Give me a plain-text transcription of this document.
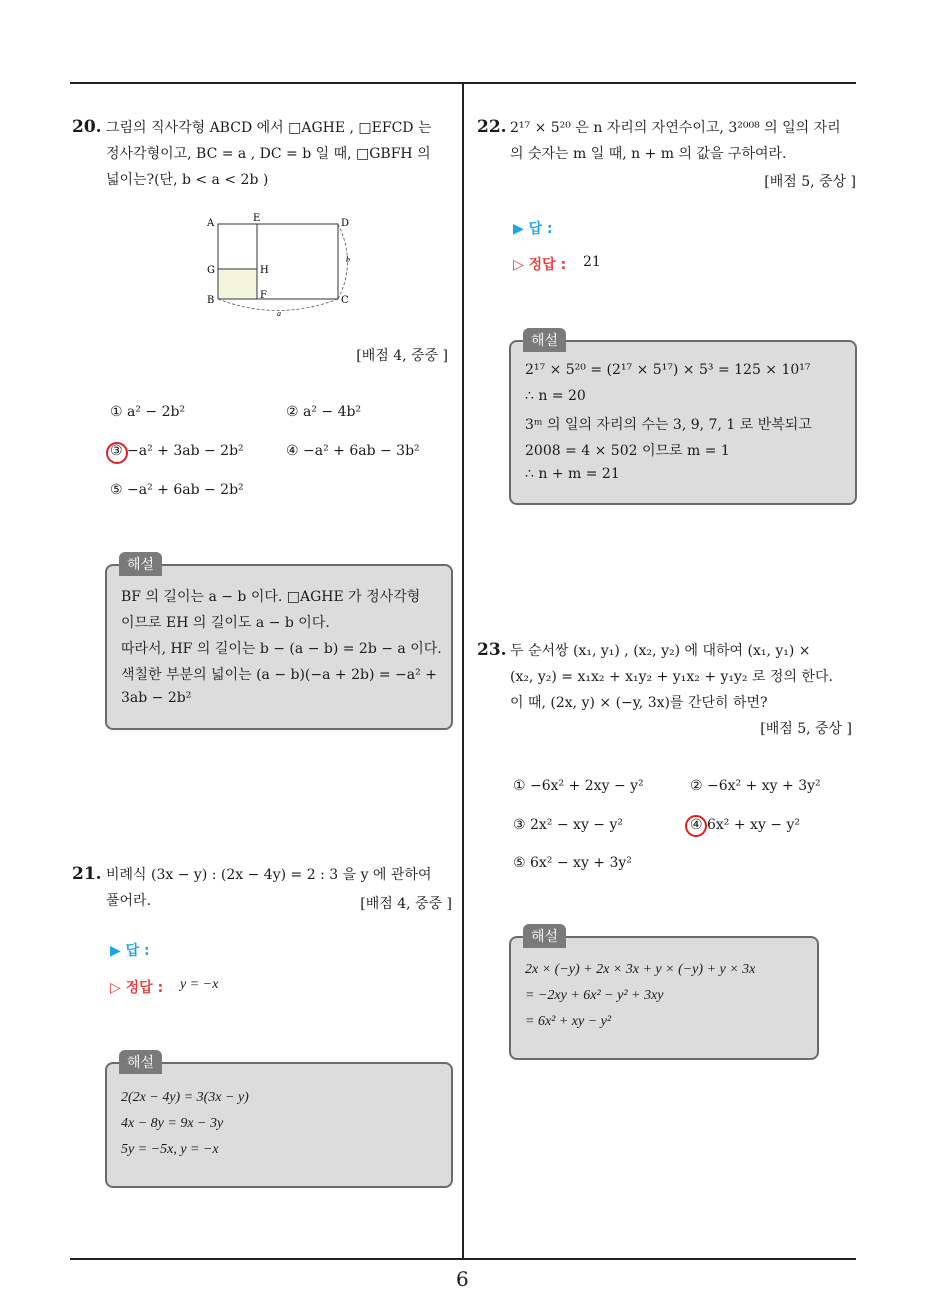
20. 그림의 직사각형 ABCD 에서 □AGHE , □EFCD 는
정사각형이고, BC = a , DC = b 일 때, □GBFH 의
넓이는?(단, b < a < 2b )
A	E	D
G	H
B	F	C
a
b
[배점 4, 중중 ]
① a² − 2b²	② a² − 4b²
③ −a² + 3ab − 2b²	④ −a² + 6ab − 3b²
⑤ −a² + 6ab − 2b²
해설
BF 의 길이는 a − b 이다. □AGHE 가 정사각형
이므로 EH 의 길이도 a − b 이다.
따라서, HF 의 길이는 b − (a − b) = 2b − a 이다.
색칠한 부분의 넓이는 (a − b)(−a + 2b) = −a² +
3ab − 2b²
21. 비례식 (3x − y) : (2x − 4y) = 2 : 3 을 y 에 관하여
풀어라.	[배점 4, 중중 ]
▶ 답 :
▷ 정답 : y = −x
해설
2(2x − 4y) = 3(3x − y)
4x − 8y = 9x − 3y
5y = −5x, y = −x
22. 2¹⁷ × 5²⁰ 은 n 자리의 자연수이고, 3²⁰⁰⁸ 의 일의 자리
의 숫자는 m 일 때, n + m 의 값을 구하여라.
[배점 5, 중상 ]
▶ 답 :
▷ 정답 : 21
해설
2¹⁷ × 5²⁰ = (2¹⁷ × 5¹⁷) × 5³ = 125 × 10¹⁷
∴ n = 20
3ᵐ 의 일의 자리의 수는 3, 9, 7, 1 로 반복되고
2008 = 4 × 502 이므로 m = 1
∴ n + m = 21
23. 두 순서쌍 (x₁, y₁) , (x₂, y₂) 에 대하여 (x₁, y₁) ×
(x₂, y₂) = x₁x₂ + x₁y₂ + y₁x₂ + y₁y₂ 로 정의 한다.
이 때, (2x, y) × (−y, 3x)를 간단히 하면?
[배점 5, 중상 ]
① −6x² + 2xy − y²	② −6x² + xy + 3y²
③ 2x² − xy − y²	④ 6x² + xy − y²
⑤ 6x² − xy + 3y²
해설
2x × (−y) + 2x × 3x + y × (−y) + y × 3x
= −2xy + 6x² − y² + 3xy
= 6x² + xy − y²
6
